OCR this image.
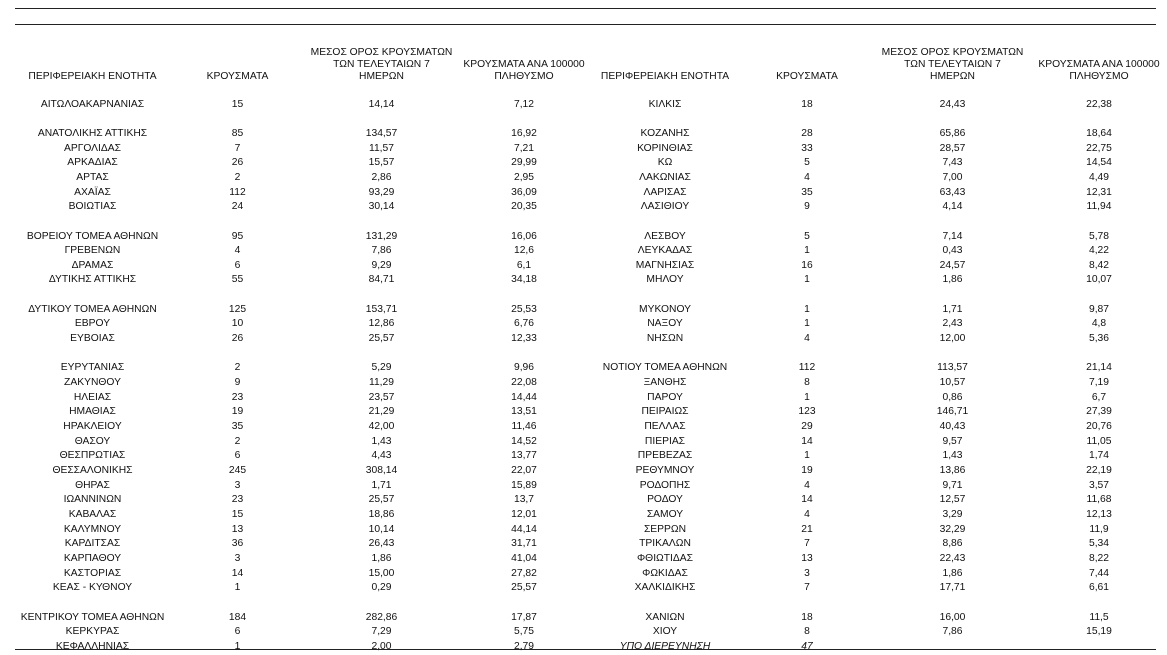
ΠΕΡΙΦΕΡΕΙΑΚΗ ΕΝΟΤΗΤΑ	ΚΡΟΥΣΜΑΤΑ	ΜΕΣΟΣ ΟΡΟΣ ΚΡΟΥΣΜΑΤΩΝ
ΤΩΝ ΤΕΛΕΥΤΑΙΩΝ 7
ΗΜΕΡΩΝ	ΚΡΟΥΣΜΑΤΑ ΑΝΑ 100000
ΠΛΗΘΥΣΜΟ	ΠΕΡΙΦΕΡΕΙΑΚΗ ΕΝΟΤΗΤΑ	ΚΡΟΥΣΜΑΤΑ	ΜΕΣΟΣ ΟΡΟΣ ΚΡΟΥΣΜΑΤΩΝ
ΤΩΝ ΤΕΛΕΥΤΑΙΩΝ 7
ΗΜΕΡΩΝ	ΚΡΟΥΣΜΑΤΑ ΑΝΑ 100000
ΠΛΗΘΥΣΜΟ

ΑΙΤΩΛΟΑΚΑΡΝΑΝΙΑΣ	15	14,14	7,12	ΚΙΛΚΙΣ	18	24,43	22,38

ΑΝΑΤΟΛΙΚΗΣ ΑΤΤΙΚΗΣ	85	134,57	16,92	ΚΟΖΑΝΗΣ	28	65,86	18,64
ΑΡΓΟΛΙΔΑΣ	7	11,57	7,21	ΚΟΡΙΝΘΙΑΣ	33	28,57	22,75
ΑΡΚΑΔΙΑΣ	26	15,57	29,99	ΚΩ	5	7,43	14,54
ΑΡΤΑΣ	2	2,86	2,95	ΛΑΚΩΝΙΑΣ	4	7,00	4,49
ΑΧΑΪΑΣ	112	93,29	36,09	ΛΑΡΙΣΑΣ	35	63,43	12,31
ΒΟΙΩΤΙΑΣ	24	30,14	20,35	ΛΑΣΙΘΙΟΥ	9	4,14	11,94

ΒΟΡΕΙΟΥ ΤΟΜΕΑ ΑΘΗΝΩΝ	95	131,29	16,06	ΛΕΣΒΟΥ	5	7,14	5,78
ΓΡΕΒΕΝΩΝ	4	7,86	12,6	ΛΕΥΚΑΔΑΣ	1	0,43	4,22
ΔΡΑΜΑΣ	6	9,29	6,1	ΜΑΓΝΗΣΙΑΣ	16	24,57	8,42
ΔΥΤΙΚΗΣ ΑΤΤΙΚΗΣ	55	84,71	34,18	ΜΗΛΟΥ	1	1,86	10,07

ΔΥΤΙΚΟΥ ΤΟΜΕΑ ΑΘΗΝΩΝ	125	153,71	25,53	ΜΥΚΟΝΟΥ	1	1,71	9,87
ΕΒΡΟΥ	10	12,86	6,76	ΝΑΞΟΥ	1	2,43	4,8
ΕΥΒΟΙΑΣ	26	25,57	12,33	ΝΗΣΩΝ	4	12,00	5,36

ΕΥΡΥΤΑΝΙΑΣ	2	5,29	9,96	ΝΟΤΙΟΥ ΤΟΜΕΑ ΑΘΗΝΩΝ	112	113,57	21,14
ΖΑΚΥΝΘΟΥ	9	11,29	22,08	ΞΑΝΘΗΣ	8	10,57	7,19
ΗΛΕΙΑΣ	23	23,57	14,44	ΠΑΡΟΥ	1	0,86	6,7
ΗΜΑΘΙΑΣ	19	21,29	13,51	ΠΕΙΡΑΙΩΣ	123	146,71	27,39
ΗΡΑΚΛΕΙΟΥ	35	42,00	11,46	ΠΕΛΛΑΣ	29	40,43	20,76
ΘΑΣΟΥ	2	1,43	14,52	ΠΙΕΡΙΑΣ	14	9,57	11,05
ΘΕΣΠΡΩΤΙΑΣ	6	4,43	13,77	ΠΡΕΒΕΖΑΣ	1	1,43	1,74
ΘΕΣΣΑΛΟΝΙΚΗΣ	245	308,14	22,07	ΡΕΘΥΜΝΟΥ	19	13,86	22,19
ΘΗΡΑΣ	3	1,71	15,89	ΡΟΔΟΠΗΣ	4	9,71	3,57
ΙΩΑΝΝΙΝΩΝ	23	25,57	13,7	ΡΟΔΟΥ	14	12,57	11,68
ΚΑΒΑΛΑΣ	15	18,86	12,01	ΣΑΜΟΥ	4	3,29	12,13
ΚΑΛΥΜΝΟΥ	13	10,14	44,14	ΣΕΡΡΩΝ	21	32,29	11,9
ΚΑΡΔΙΤΣΑΣ	36	26,43	31,71	ΤΡΙΚΑΛΩΝ	7	8,86	5,34
ΚΑΡΠΑΘΟΥ	3	1,86	41,04	ΦΘΙΩΤΙΔΑΣ	13	22,43	8,22
ΚΑΣΤΟΡΙΑΣ	14	15,00	27,82	ΦΩΚΙΔΑΣ	3	1,86	7,44
ΚΕΑΣ - ΚΥΘΝΟΥ	1	0,29	25,57	ΧΑΛΚΙΔΙΚΗΣ	7	17,71	6,61

ΚΕΝΤΡΙΚΟΥ ΤΟΜΕΑ ΑΘΗΝΩΝ	184	282,86	17,87	ΧΑΝΙΩΝ	18	16,00	11,5
ΚΕΡΚΥΡΑΣ	6	7,29	5,75	ΧΙΟΥ	8	7,86	15,19
ΚΕΦΑΛΛΗΝΙΑΣ	1	2,00	2,79	ΥΠΟ ΔΙΕΡΕΥΝΗΣΗ	47		
